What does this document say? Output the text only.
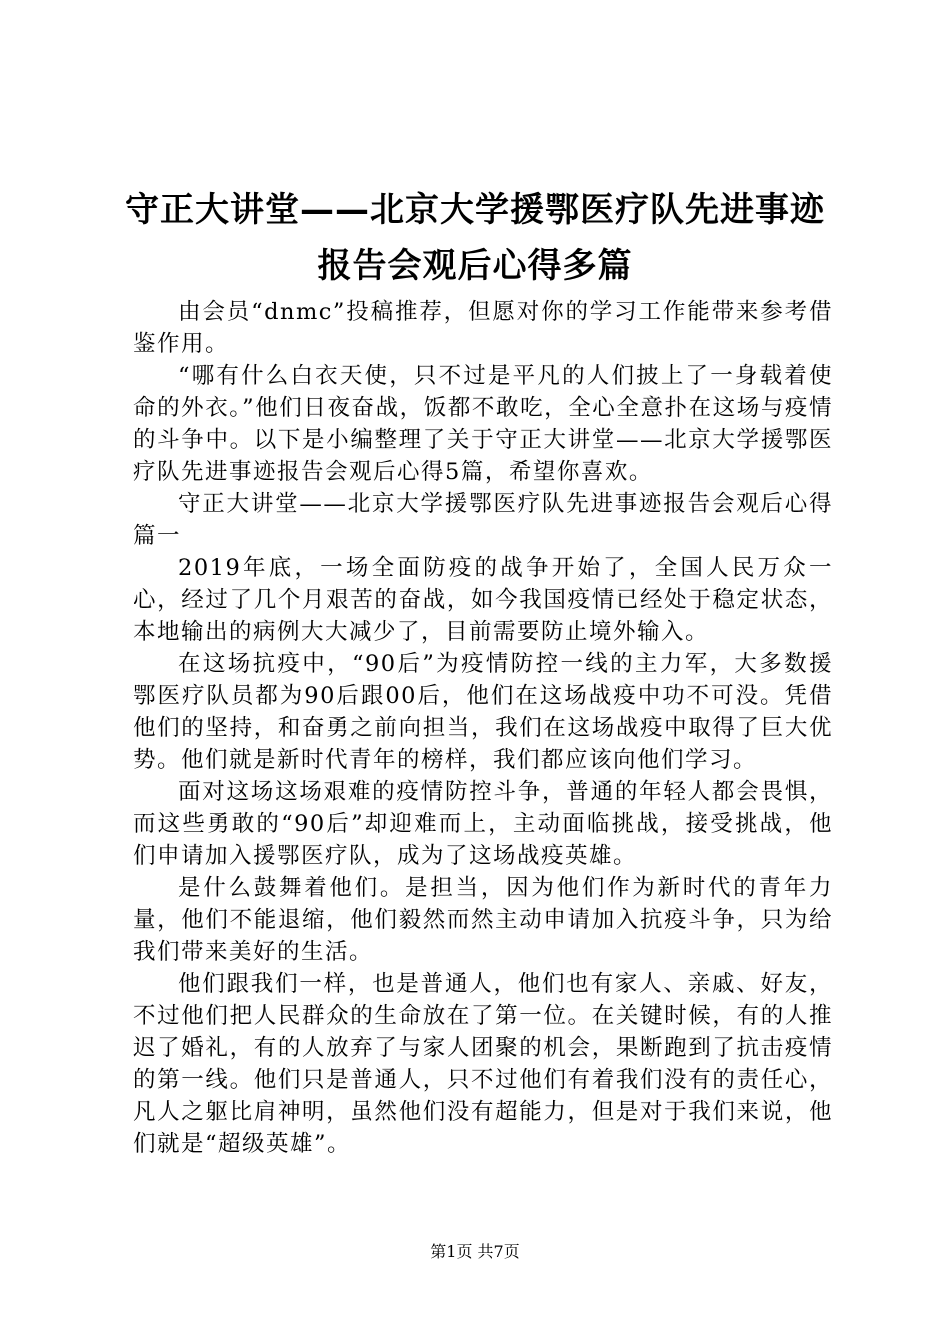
守正大讲堂——北京大学援鄂医疗队先进事迹
报告会观后心得多篇

由会员“dnmc”投稿推荐，但愿对你的学习工作能带来参考借鉴作用。

“哪有什么白衣天使，只不过是平凡的人们披上了一身载着使命的外衣。”他们日夜奋战，饭都不敢吃，全心全意扑在这场与疫情的斗争中。以下是小编整理了关于守正大讲堂——北京大学援鄂医疗队先进事迹报告会观后心得5篇，希望你喜欢。

守正大讲堂——北京大学援鄂医疗队先进事迹报告会观后心得篇一

2019年底，一场全面防疫的战争开始了，全国人民万众一心，经过了几个月艰苦的奋战，如今我国疫情已经处于稳定状态，本地输出的病例大大减少了，目前需要防止境外输入。

在这场抗疫中，“90后”为疫情防控一线的主力军，大多数援鄂医疗队员都为90后跟00后，他们在这场战疫中功不可没。凭借他们的坚持，和奋勇之前向担当，我们在这场战疫中取得了巨大优势。他们就是新时代青年的榜样，我们都应该向他们学习。

面对这场这场艰难的疫情防控斗争，普通的年轻人都会畏惧，而这些勇敢的“90后”却迎难而上，主动面临挑战，接受挑战，他们申请加入援鄂医疗队，成为了这场战疫英雄。

是什么鼓舞着他们。是担当，因为他们作为新时代的青年力量，他们不能退缩，他们毅然而然主动申请加入抗疫斗争，只为给我们带来美好的生活。

他们跟我们一样，也是普通人，他们也有家人、亲戚、好友，不过他们把人民群众的生命放在了第一位。在关键时候，有的人推迟了婚礼，有的人放弃了与家人团聚的机会，果断跑到了抗击疫情的第一线。他们只是普通人，只不过他们有着我们没有的责任心，凡人之躯比肩神明，虽然他们没有超能力，但是对于我们来说，他们就是“超级英雄”。

第1页 共7页
